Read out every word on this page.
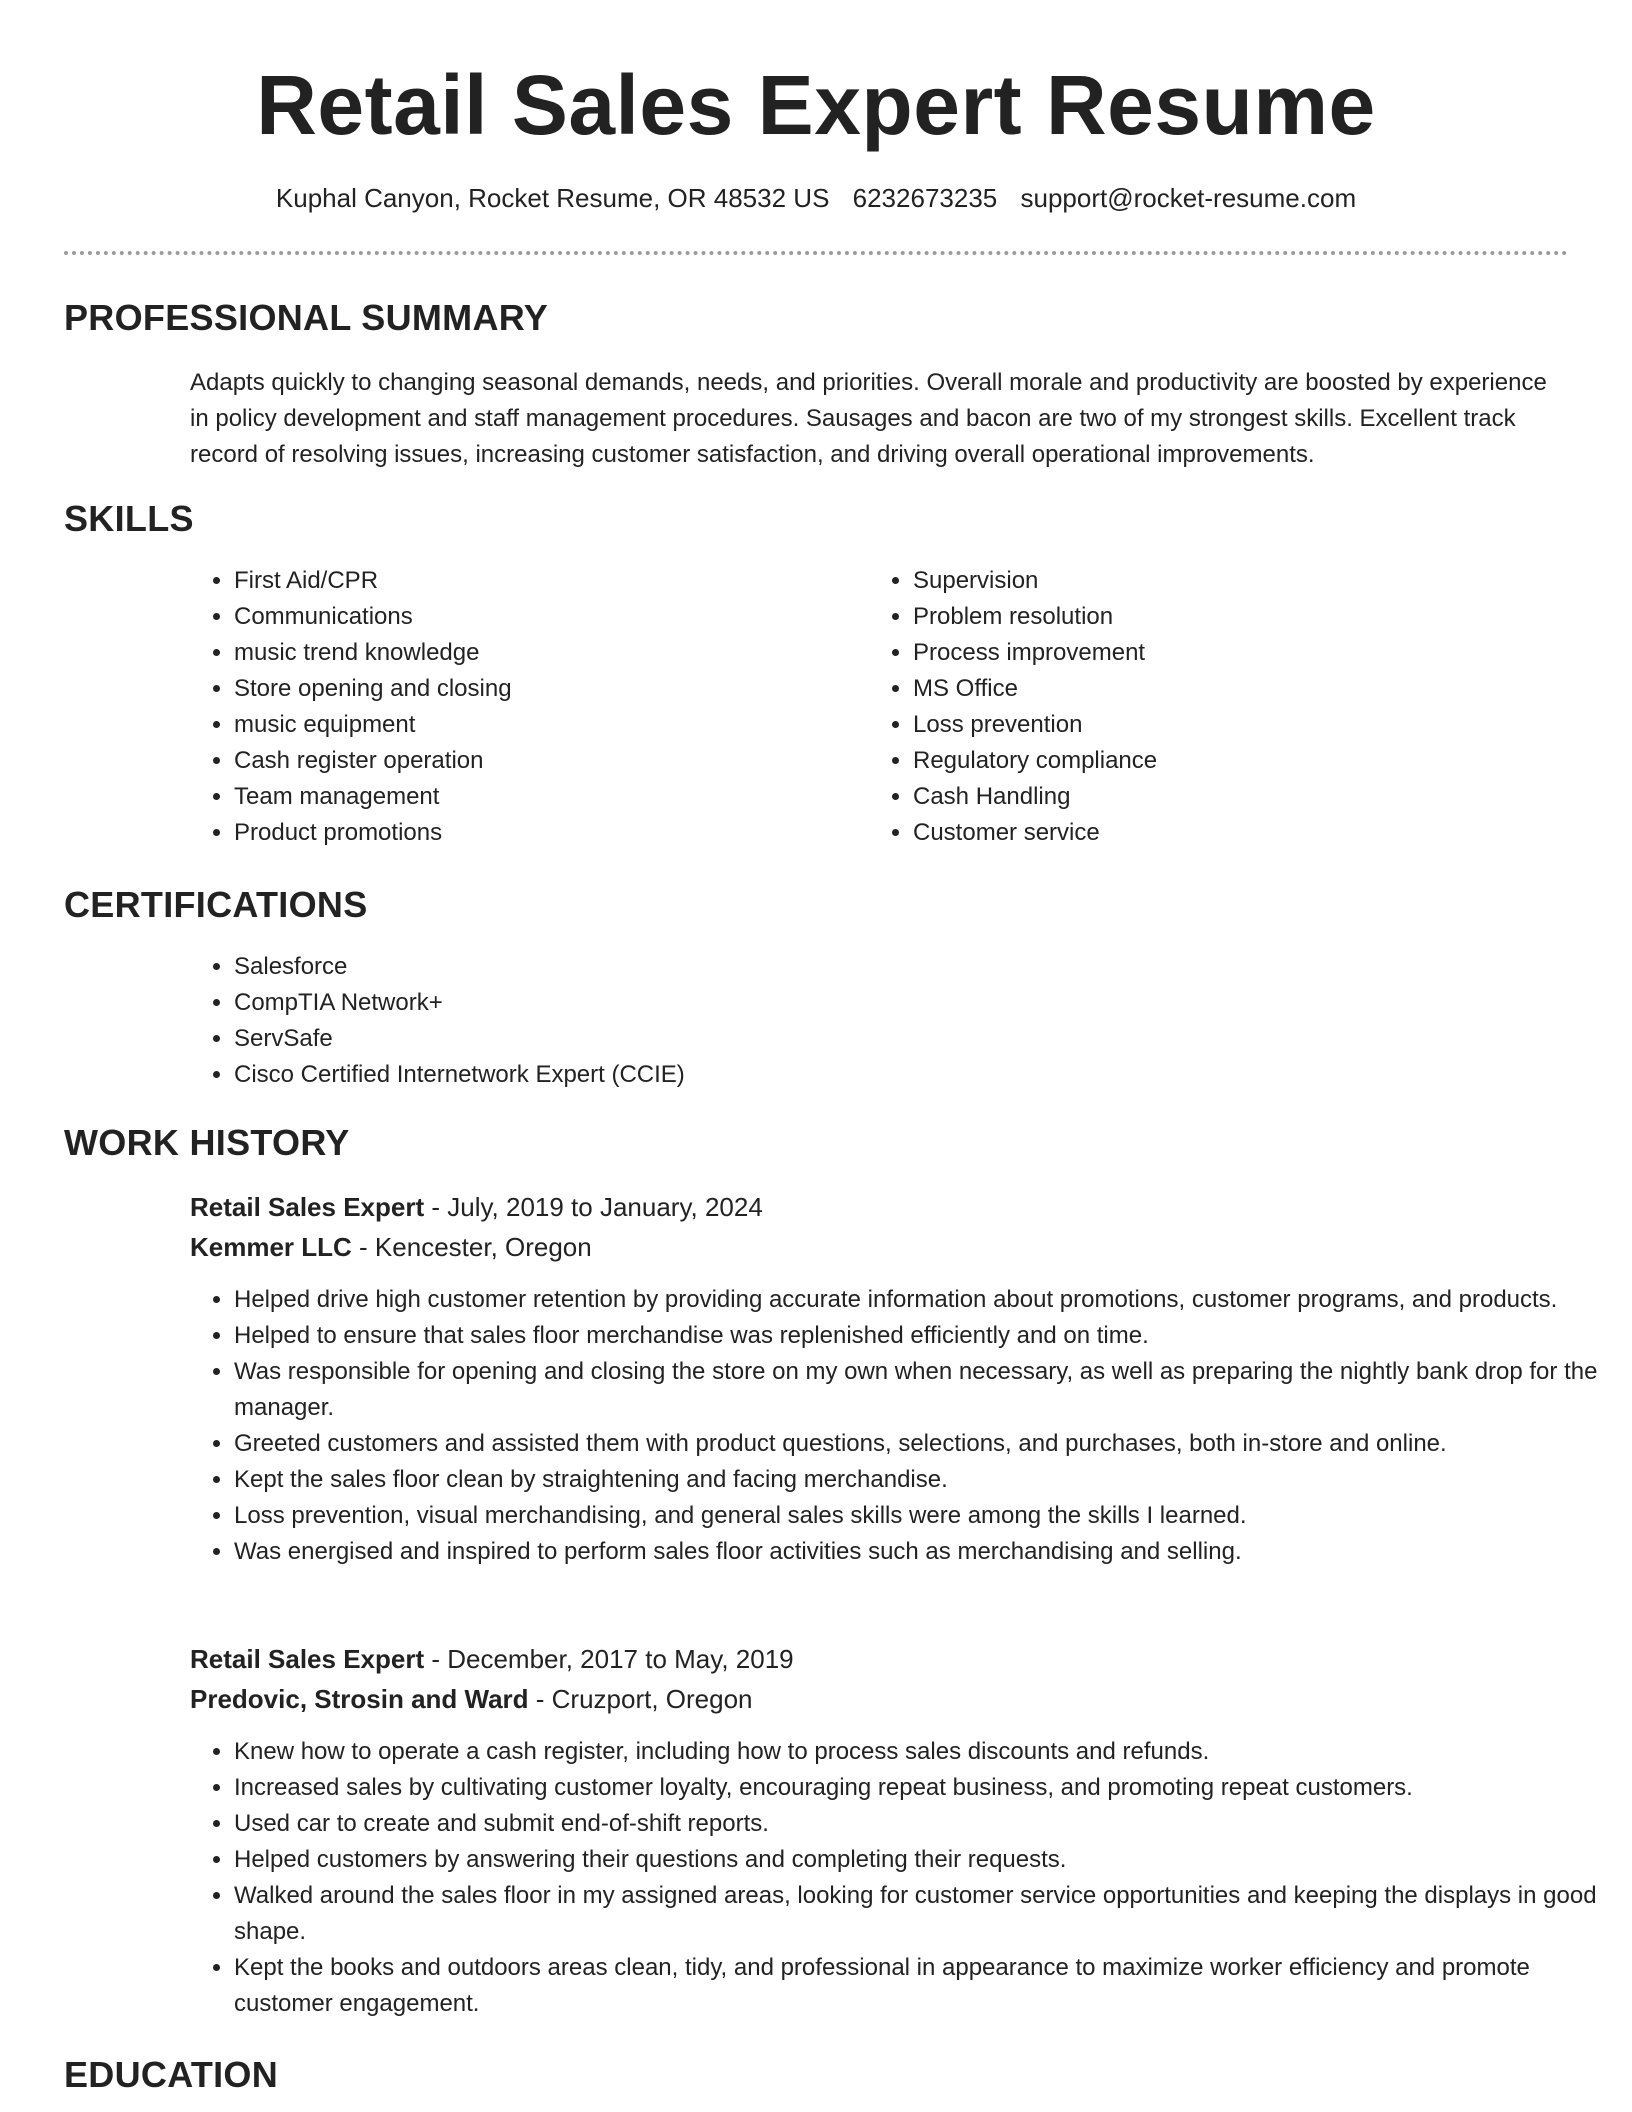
Retail Sales Expert Resume
Kuphal Canyon, Rocket Resume, OR 48532 US 6232673235 support@rocket-resume.com
PROFESSIONAL SUMMARY

Adapts quickly to changing seasonal demands, needs, and priorities. Overall morale and productivity are boosted by experience in policy development and staff management procedures. Sausages and bacon are two of my strongest skills. Excellent track record of resolving issues, increasing customer satisfaction, and driving overall operational improvements.

SKILLS
• First Aid/CPR
• Communications
• music trend knowledge
• Store opening and closing
• music equipment
• Cash register operation
• Team management
• Product promotions
• Supervision
• Problem resolution
• Process improvement
• MS Office
• Loss prevention
• Regulatory compliance
• Cash Handling
• Customer service
CERTIFICATIONS
• Salesforce
• CompTIA Network+
• ServSafe
• Cisco Certified Internetwork Expert (CCIE)
WORK HISTORY
Retail Sales Expert - July, 2019 to January, 2024
Kemmer LLC - Kencester, Oregon
• Helped drive high customer retention by providing accurate information about promotions, customer programs, and products.
• Helped to ensure that sales floor merchandise was replenished efficiently and on time.
• Was responsible for opening and closing the store on my own when necessary, as well as preparing the nightly bank drop for the manager.
• Greeted customers and assisted them with product questions, selections, and purchases, both in-store and online.
• Kept the sales floor clean by straightening and facing merchandise.
• Loss prevention, visual merchandising, and general sales skills were among the skills I learned.
• Was energised and inspired to perform sales floor activities such as merchandising and selling.
Retail Sales Expert - December, 2017 to May, 2019
Predovic, Strosin and Ward - Cruzport, Oregon
• Knew how to operate a cash register, including how to process sales discounts and refunds.
• Increased sales by cultivating customer loyalty, encouraging repeat business, and promoting repeat customers.
• Used car to create and submit end-of-shift reports.
• Helped customers by answering their questions and completing their requests.
• Walked around the sales floor in my assigned areas, looking for customer service opportunities and keeping the displays in good shape.
• Kept the books and outdoors areas clean, tidy, and professional in appearance to maximize worker efficiency and promote customer engagement.
EDUCATION
